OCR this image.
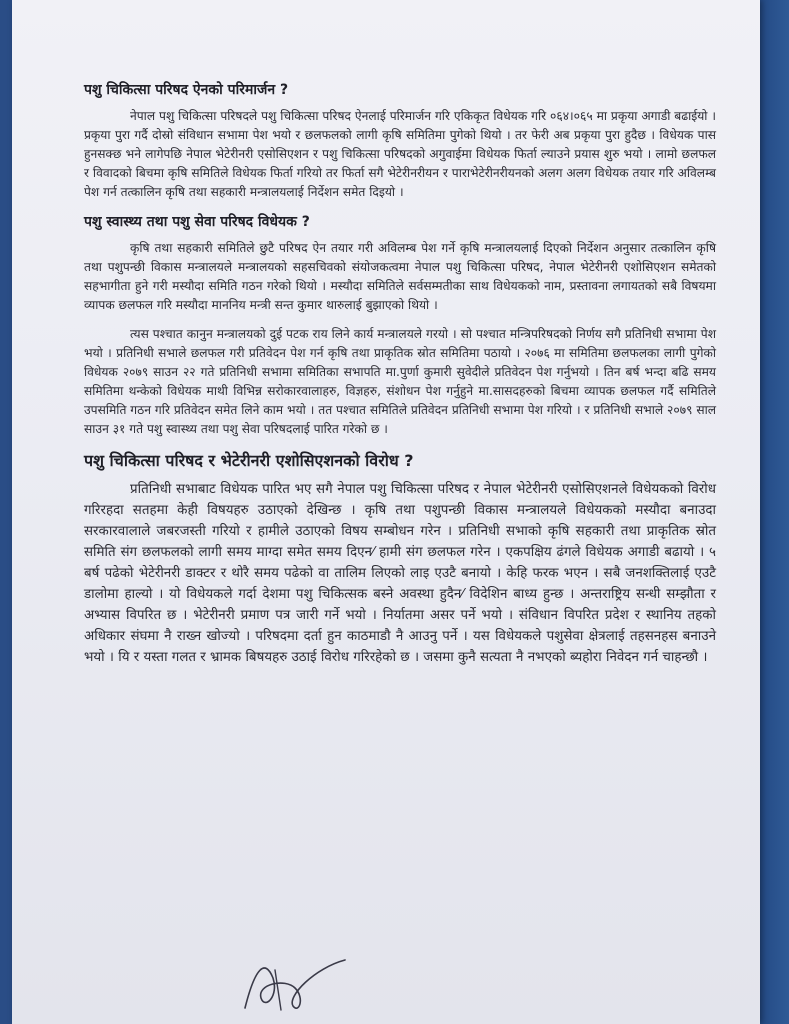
पशु चिकित्सा परिषद ऐनको परिमार्जन ?

नेपाल पशु चिकित्सा परिषदले पशु चिकित्सा परिषद ऐनलाई परिमार्जन गरि एकिकृत विधेयक गरि ०६४।०६५ मा प्रकृया अगाडी बढाईयो । प्रकृया पुरा गर्दै दोस्रो संविधान सभामा पेश भयो र छलफलको लागी कृषि समितिमा पुगेको थियो । तर फेरी अब प्रकृया पुरा हुदैछ । विधेयक पास हुनसक्छ भने लागेपछि नेपाल भेटेरीनरी एसोसिएशन र पशु चिकित्सा परिषदको अगुवाईमा विधेयक फिर्ता ल्याउने प्रयास शुरु भयो । लामो छलफल र विवादको बिचमा कृषि समितिले विधेयक फिर्ता गरियो तर फिर्ता सगै भेटेरीनरीयन र पाराभेटेरीनरीयनको अलग अलग विधेयक तयार गरि अविलम्ब पेश गर्न तत्कालिन कृषि तथा सहकारी मन्त्रालयलाई निर्देशन समेत दिइयो ।

पशु स्वास्थ्य तथा पशु सेवा परिषद विधेयक ?

कृषि तथा सहकारी समितिले छुटै परिषद ऐन तयार गरी अविलम्ब पेश गर्ने कृषि मन्त्रालयलाई दिएको निर्देशन अनुसार तत्कालिन कृषि तथा पशुपन्छी विकास मन्त्रालयले मन्त्रालयको सहसचिवको संयोजकत्वमा नेपाल पशु चिकित्सा परिषद, नेपाल भेटेरीनरी एशोसिएशन समेतको सहभागीता हुने गरी मस्यौदा समिति गठन गरेको थियो । मस्यौदा समितिले सर्वसम्मतीका साथ विधेयकको नाम, प्रस्तावना लगायतको सबै विषयमा व्यापक छलफल गरि मस्यौदा माननिय मन्त्री सन्त कुमार थारुलाई बुझाएको थियो ।

त्यस पश्चात कानुन मन्त्रालयको दुई पटक राय लिने कार्य मन्त्रालयले गरयो । सो पश्चात मन्त्रिपरिषदको निर्णय सगै प्रतिनिधी सभामा पेश भयो । प्रतिनिधी सभाले छलफल गरी प्रतिवेदन पेश गर्न कृषि तथा प्राकृतिक स्रोत समितिमा पठायो । २०७६ मा समितिमा छलफलका लागी पुगेको विधेयक २०७९ साउन २२ गते प्रतिनिधी सभामा समितिका सभापति मा.पुर्णा कुमारी सुवेदीले प्रतिवेदन पेश गर्नुभयो । तिन बर्ष भन्दा बढि समय समितिमा थन्केको विधेयक माथी विभिन्न सरोकारवालाहरु, विज्ञहरु, संशोधन पेश गर्नुहुने मा.सासदहरुको बिचमा व्यापक छलफल गर्दै समितिले उपसमिति गठन गरि प्रतिवेदन समेत लिने काम भयो । तत पश्चात समितिले प्रतिवेदन प्रतिनिधी सभामा पेश गरियो । र प्रतिनिधी सभाले २०७९ साल साउन ३१ गते पशु स्वास्थ्य तथा पशु सेवा परिषदलाई पारित गरेको छ ।

पशु चिकित्सा परिषद र भेटेरीनरी एशोसिएशनको विरोध ?

प्रतिनिधी सभाबाट विधेयक पारित भए सगै नेपाल पशु चिकित्सा परिषद र नेपाल भेटेरीनरी एसोसिएशनले विधेयकको विरोध गरिरहदा सतहमा केही विषयहरु उठाएको देखिन्छ । कृषि तथा पशुपन्छी विकास मन्त्रालयले विधेयकको मस्यौदा बनाउदा सरकारवालाले जबरजस्ती गरियो र हामीले उठाएको विषय सम्बोधन गरेन । प्रतिनिधी सभाको कृषि सहकारी तथा प्राकृतिक स्रोत समिति संग छलफलको लागी समय माग्दा समेत समय दिएन⁄ हामी संग छलफल गरेन । एकपक्षिय ढंगले विधेयक अगाडी बढायो । ५ बर्ष पढेको भेटेरीनरी डाक्टर र थोरै समय पढेको वा तालिम लिएको लाइ एउटै बनायो । केहि फरक भएन । सबै जनशक्तिलाई एउटै डालोमा हाल्यो । यो विधेयकले गर्दा देशमा पशु चिकित्सक बस्ने अवस्था हुदैन⁄ विदेशिन बाध्य हुन्छ । अन्तराष्ट्रिय सन्धी सम्झौता र अभ्यास विपरित छ । भेटेरीनरी प्रमाण पत्र जारी गर्ने भयो । निर्यातमा असर पर्ने भयो । संविधान विपरित प्रदेश र स्थानिय तहको अधिकार संघमा नै राख्न खोज्यो । परिषदमा दर्ता हुन काठमाडौ नै आउनु पर्ने । यस विधेयकले पशुसेवा क्षेत्रलाई तहसनहस बनाउने भयो । यि र यस्ता गलत र भ्रामक बिषयहरु उठाई विरोध गरिरहेको छ । जसमा कुनै सत्यता नै नभएको ब्यहोरा निवेदन गर्न चाहन्छौ ।
